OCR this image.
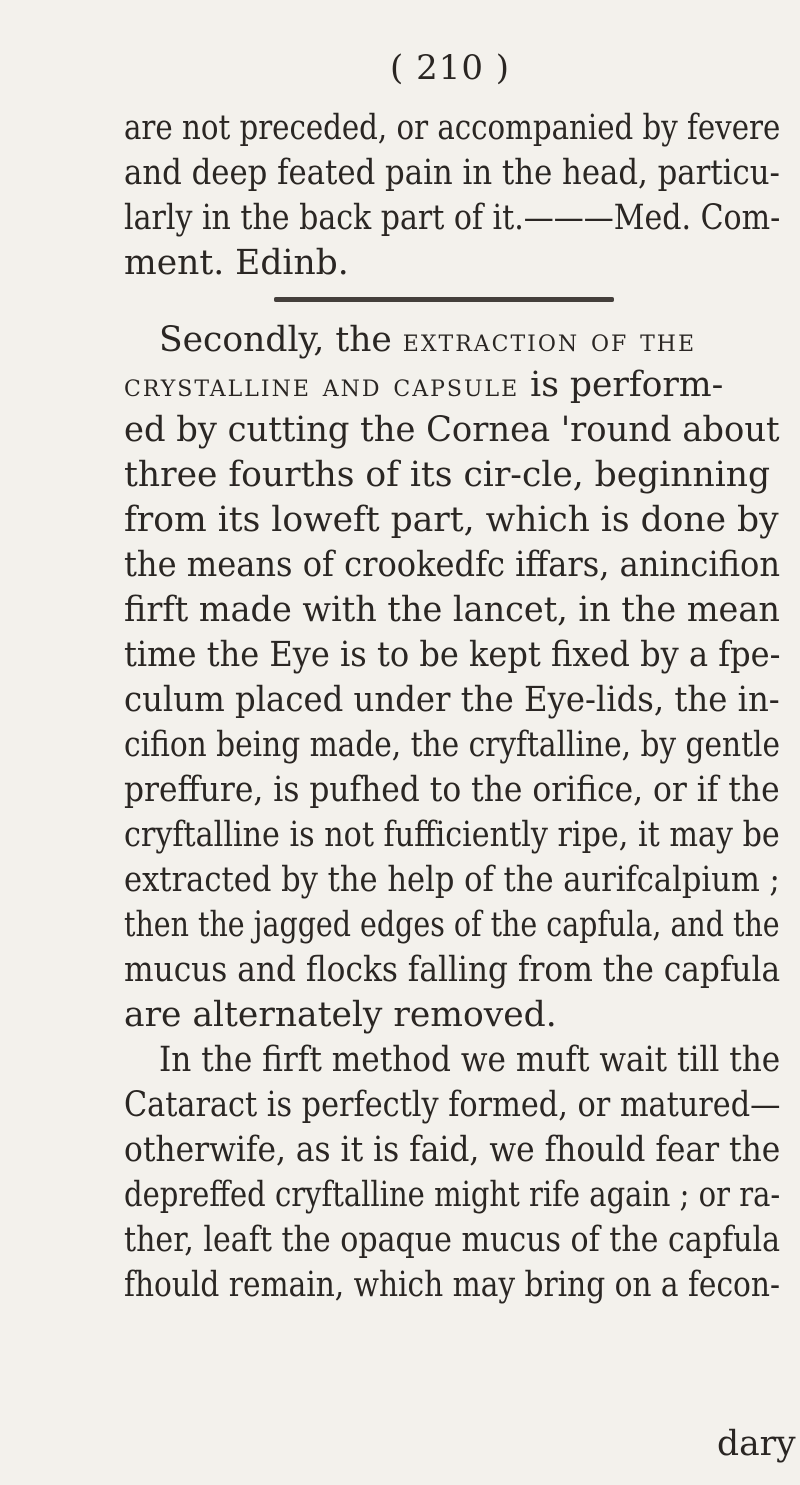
( 210 )
are not preceded, or accompanied by fevere
and deep feated pain in the head, particu-
larly in the back part of it.———Med. Com-
ment. Edinb.
Secondly, the extraction of the
crystalline and capsule is perform-
ed by cutting the Cornea 'round about
three fourths of its cir-cle, beginning
from its loweft part, which is done by
the means of crookedfc iffars, anincifion
firft made with the lancet, in the mean
time the Eye is to be kept fixed by a fpe-
culum placed under the Eye-lids, the in-
cifion being made, the cryftalline, by gentle
preffure, is pufhed to the orifice, or if the
cryftalline is not fufficiently ripe, it may be
extracted by the help of the aurifcalpium ;
then the jagged edges of the capfula, and the
mucus and flocks falling from the capfula
are alternately removed.
In the firft method we muft wait till the
Cataract is perfectly formed, or matured—
otherwife, as it is faid, we fhould fear the
depreffed cryftalline might rife again ; or ra-
ther, leaft the opaque mucus of the capfula
fhould remain, which may bring on a fecon-
dary
